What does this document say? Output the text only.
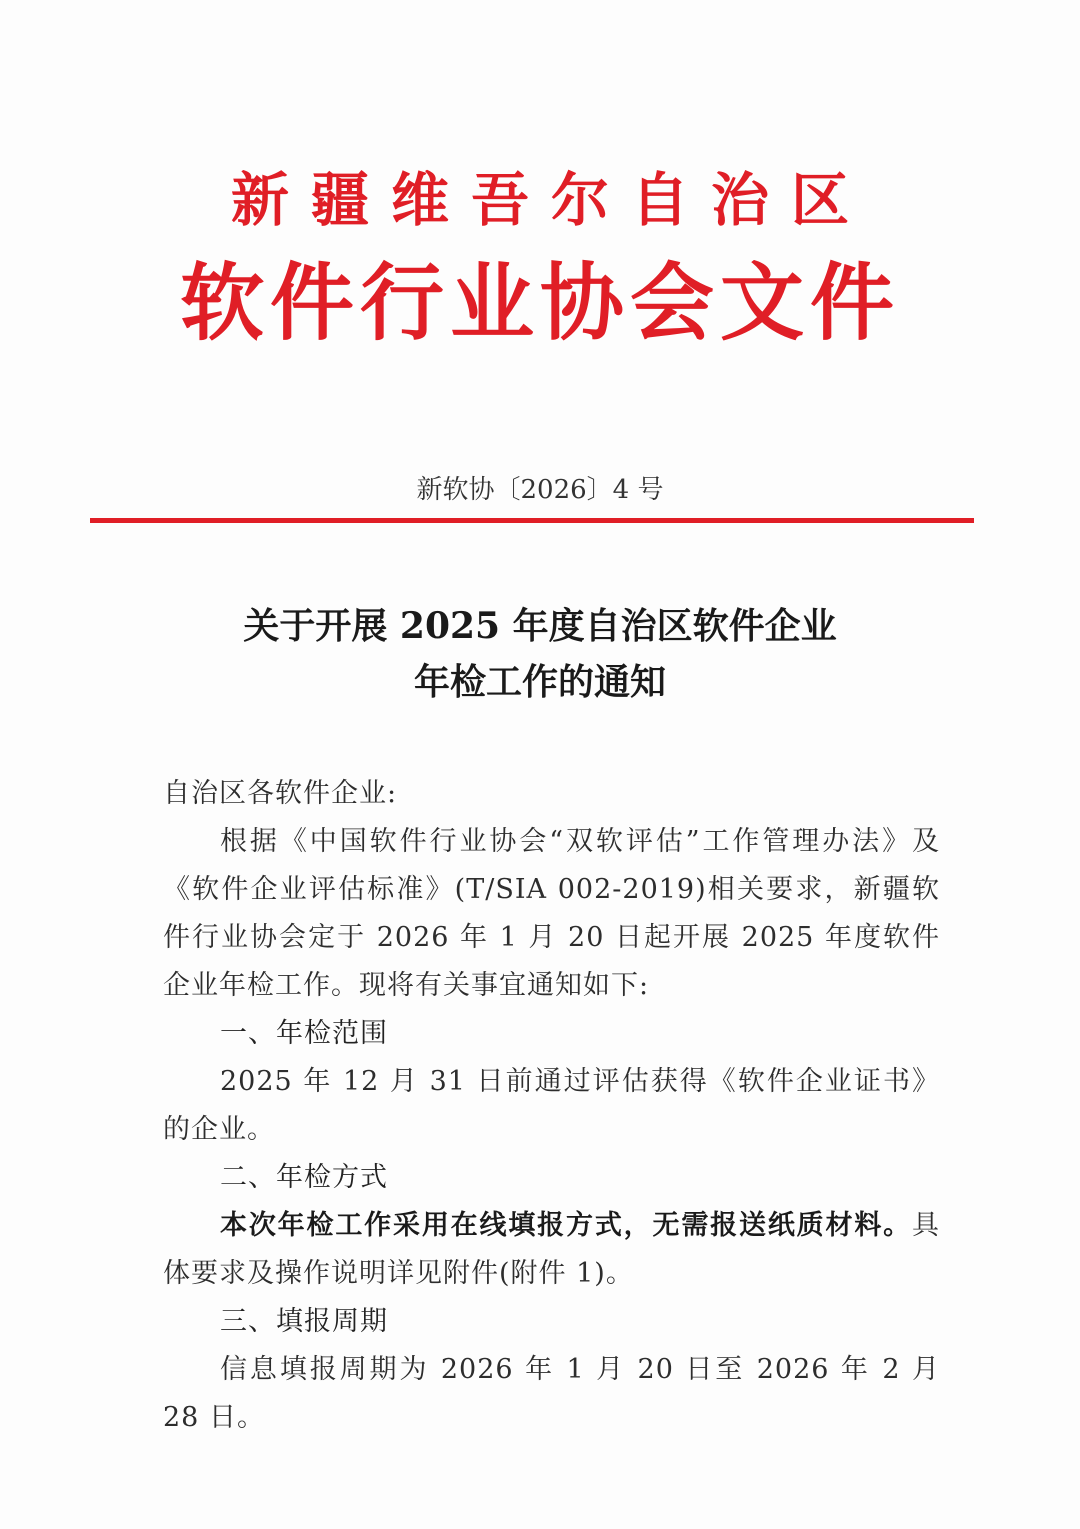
新疆维吾尔自治区
软件行业协会文件
新软协〔2026〕4 号
关于开展 2025 年度自治区软件企业
年检工作的通知

自治区各软件企业:

根据《中国软件行业协会“双软评估”工作管理办法》及《软件企业评估标准》(T/SIA 002-2019)相关要求，新疆软件行业协会定于 2026 年 1 月 20 日起开展 2025 年度软件企业年检工作。现将有关事宜通知如下:

一、年检范围

2025 年 12 月 31 日前通过评估获得《软件企业证书》的企业。

二、年检方式

本次年检工作采用在线填报方式，无需报送纸质材料。具体要求及操作说明详见附件(附件 1)。

三、填报周期

信息填报周期为 2026 年 1 月 20 日至 2026 年 2 月 28 日。
